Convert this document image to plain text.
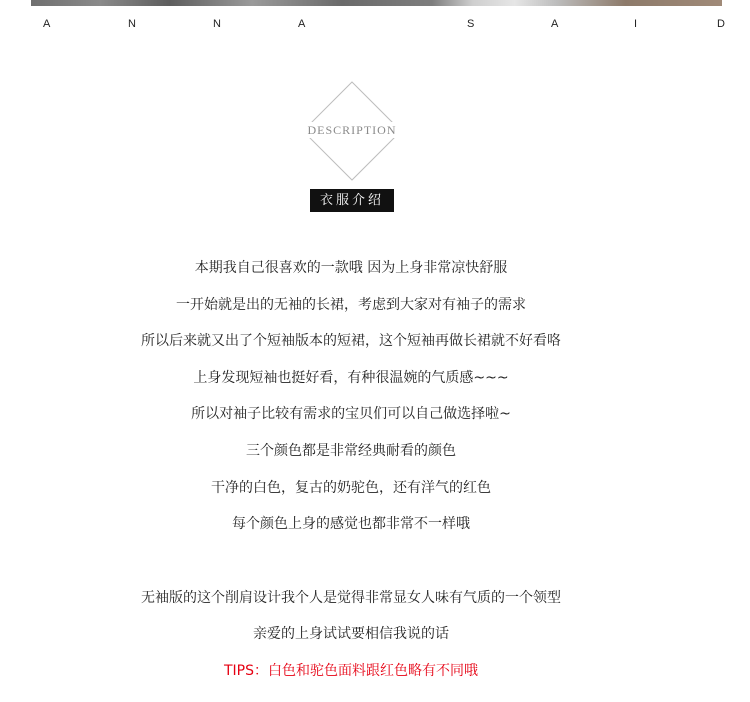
A	N	N	A	S	A	I	D
DESCRIPTION
衣服介绍
本期我自己很喜欢的一款哦 因为上身非常凉快舒服
一开始就是出的无袖的长裙，考虑到大家对有袖子的需求
所以后来就又出了个短袖版本的短裙，这个短袖再做长裙就不好看咯
上身发现短袖也挺好看，有种很温婉的气质感~~~
所以对袖子比较有需求的宝贝们可以自己做选择啦~
三个颜色都是非常经典耐看的颜色
干净的白色，复古的奶驼色，还有洋气的红色
每个颜色上身的感觉也都非常不一样哦
无袖版的这个削肩设计我个人是觉得非常显女人味有气质的一个领型
亲爱的上身试试要相信我说的话
TIPS：白色和驼色面料跟红色略有不同哦
